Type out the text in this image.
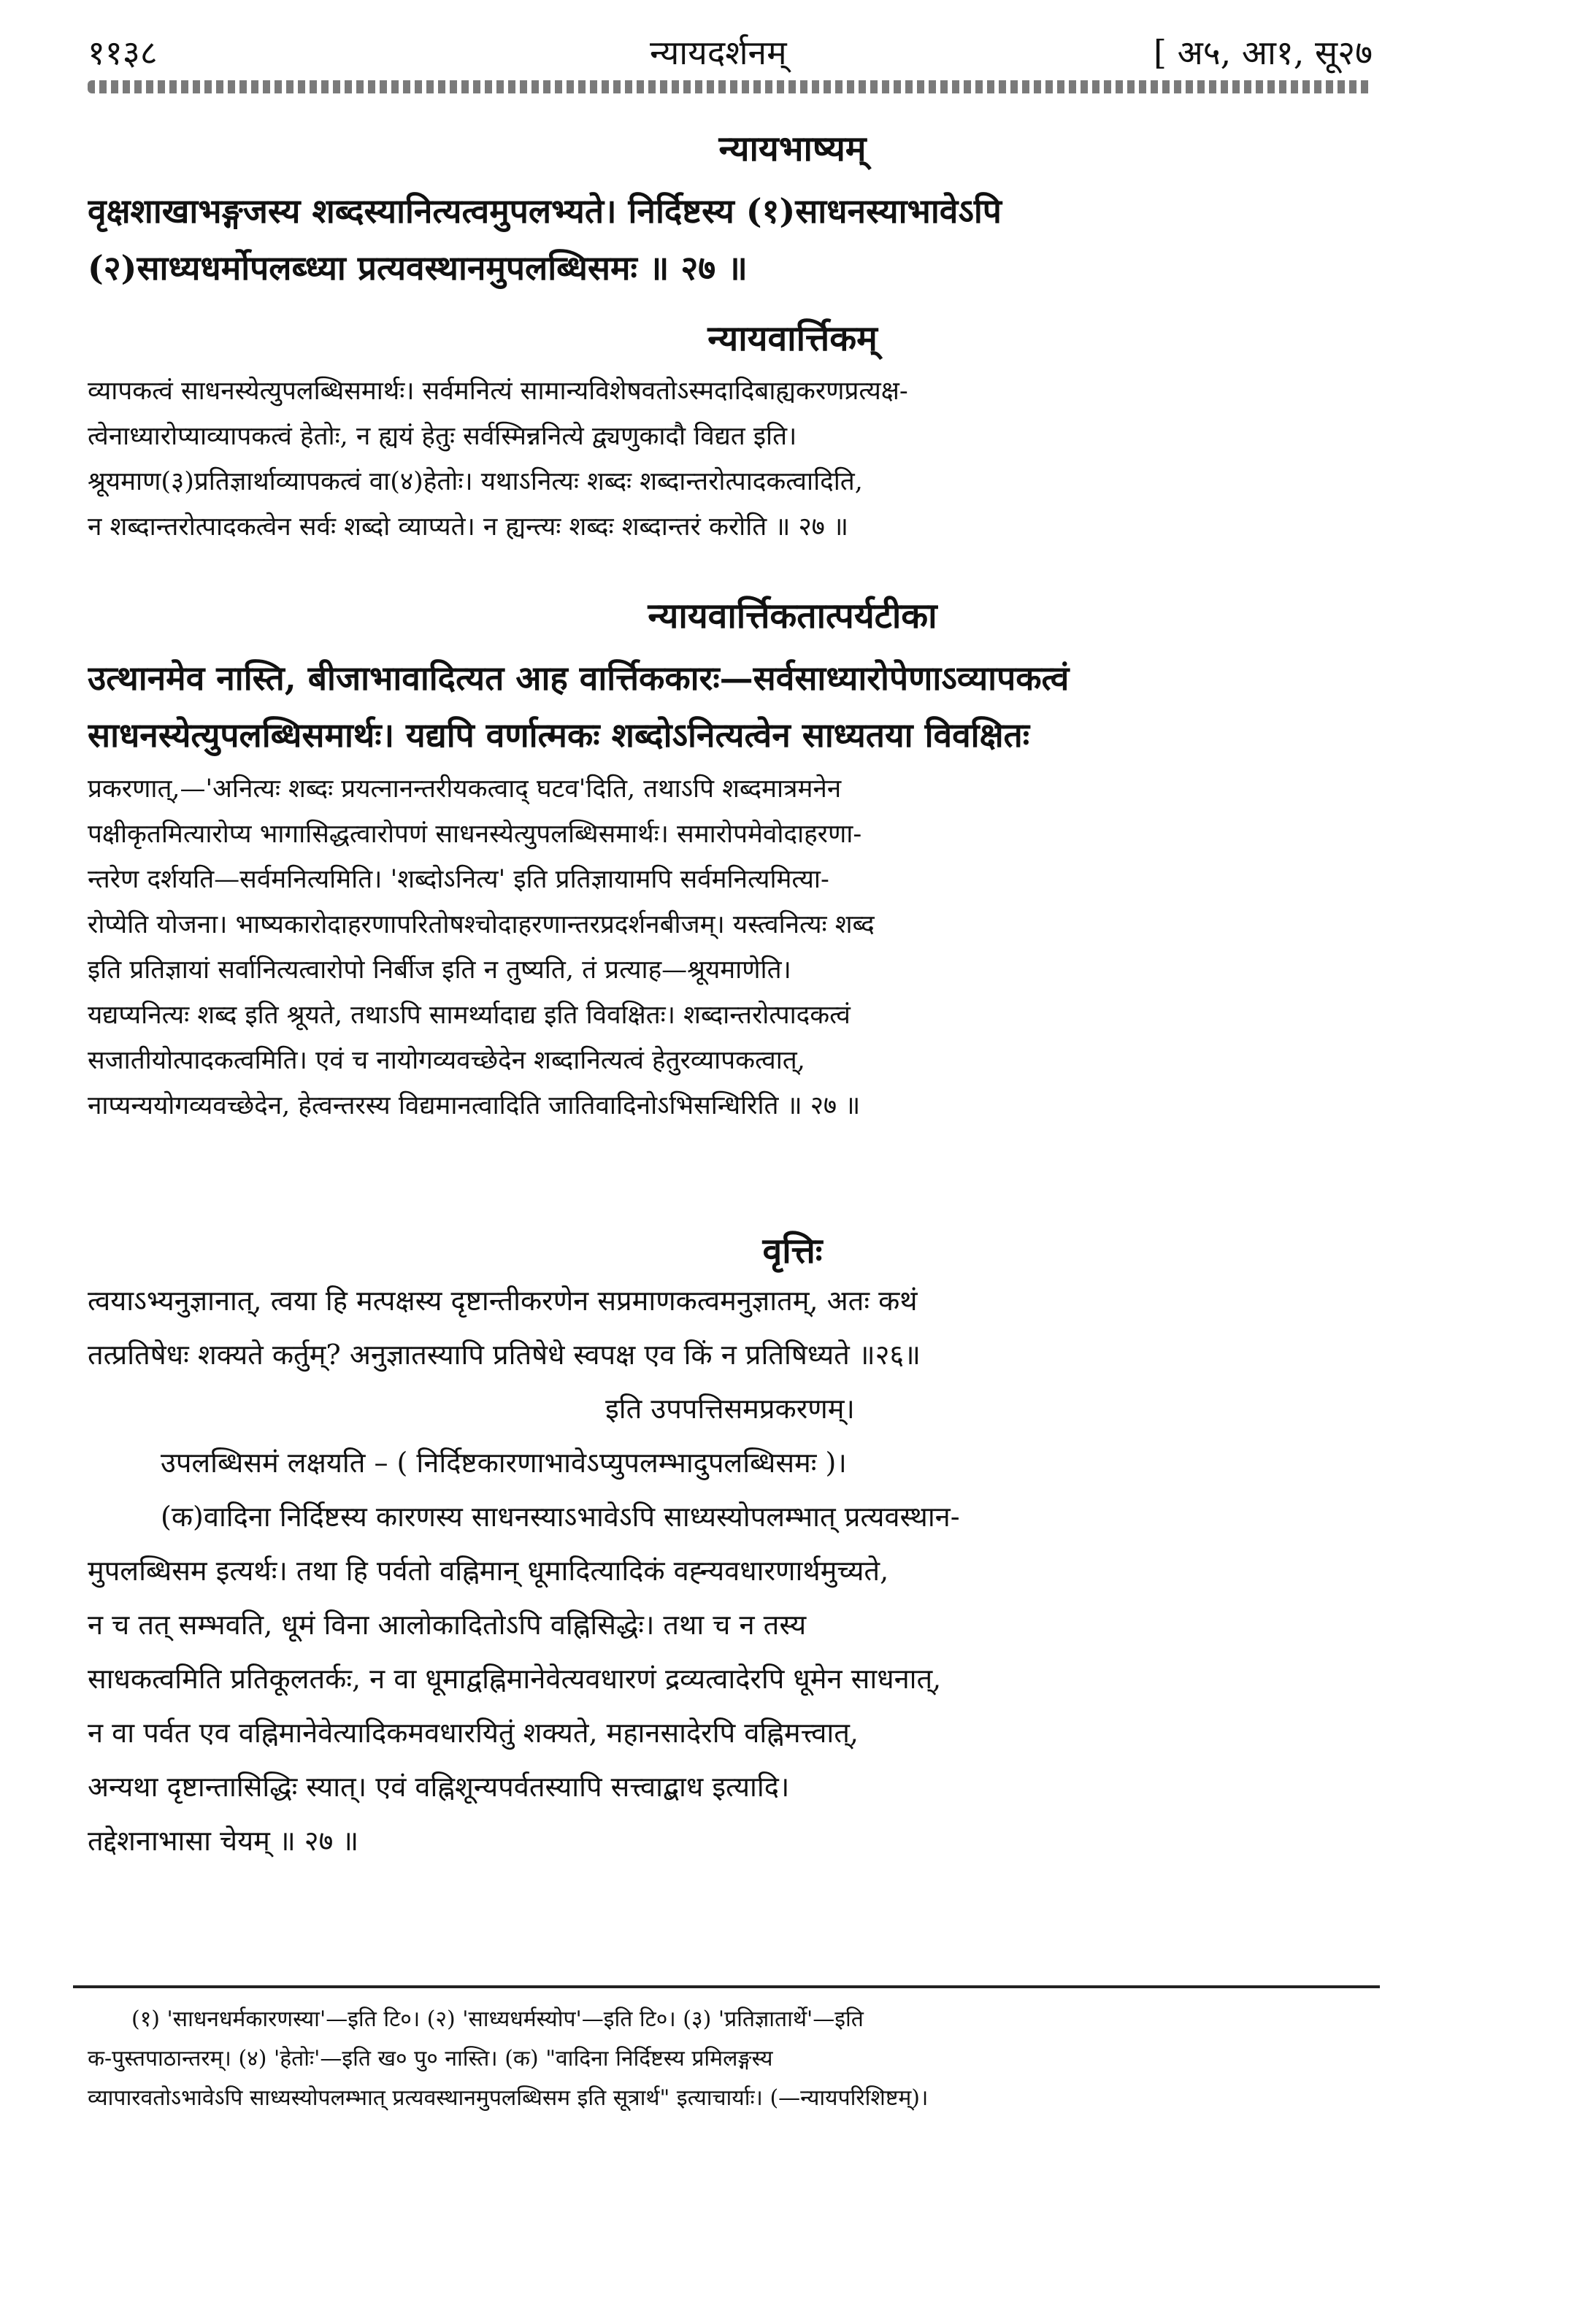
११३८	न्यायदर्शनम्	[ अ५, आ१, सू२७
न्यायभाष्यम्
वृक्षशाखाभङ्गजस्य शब्दस्यानित्यत्वमुपलभ्यते। निर्दिष्टस्य (१)साधनस्याभावेऽपि
(२)साध्यधर्मोपलब्ध्या प्रत्यवस्थानमुपलब्धिसमः ॥ २७ ॥
न्यायवार्त्तिकम्
व्यापकत्वं साधनस्येत्युपलब्धिसमार्थः। सर्वमनित्यं सामान्यविशेषवतोऽस्मदादिबाह्यकरणप्रत्यक्ष-
त्वेनाध्यारोप्याव्यापकत्वं हेतोः, न ह्ययं हेतुः सर्वस्मिन्ननित्ये द्व्यणुकादौ विद्यत इति।
श्रूयमाण(३)प्रतिज्ञार्थाव्यापकत्वं वा(४)हेतोः। यथाऽनित्यः शब्दः शब्दान्तरोत्पादकत्वादिति,
न शब्दान्तरोत्पादकत्वेन सर्वः शब्दो व्याप्यते। न ह्यन्त्यः शब्दः शब्दान्तरं करोति ॥ २७ ॥
न्यायवार्त्तिकतात्पर्यटीका
उत्थानमेव नास्ति, बीजाभावादित्यत आह वार्त्तिककारः—सर्वसाध्यारोपेणाऽव्यापकत्वं
साधनस्येत्युपलब्धिसमार्थः। यद्यपि वर्णात्मकः शब्दोऽनित्यत्वेन साध्यतया विवक्षितः
प्रकरणात्,—'अनित्यः शब्दः प्रयत्नानन्तरीयकत्वाद् घटव'दिति, तथाऽपि शब्दमात्रमनेन
पक्षीकृतमित्यारोप्य भागासिद्धत्वारोपणं साधनस्येत्युपलब्धिसमार्थः। समारोपमेवोदाहरणा-
न्तरेण दर्शयति—सर्वमनित्यमिति। 'शब्दोऽनित्य' इति प्रतिज्ञायामपि सर्वमनित्यमित्या-
रोप्येति योजना। भाष्यकारोदाहरणापरितोषश्चोदाहरणान्तरप्रदर्शनबीजम्। यस्त्वनित्यः शब्द
इति प्रतिज्ञायां सर्वानित्यत्वारोपो निर्बीज इति न तुष्यति, तं प्रत्याह—श्रूयमाणेति।
यद्यप्यनित्यः शब्द इति श्रूयते, तथाऽपि सामर्थ्यादाद्य इति विवक्षितः। शब्दान्तरोत्पादकत्वं
सजातीयोत्पादकत्वमिति। एवं च नायोगव्यवच्छेदेन शब्दानित्यत्वं हेतुरव्यापकत्वात्,
नाप्यन्ययोगव्यवच्छेदेन, हेत्वन्तरस्य विद्यमानत्वादिति जातिवादिनोऽभिसन्धिरिति ॥ २७ ॥
वृत्तिः
त्वयाऽभ्यनुज्ञानात्, त्वया हि मत्पक्षस्य दृष्टान्तीकरणेन सप्रमाणकत्वमनुज्ञातम्, अतः कथं
तत्प्रतिषेधः शक्यते कर्तुम्? अनुज्ञातस्यापि प्रतिषेधे स्वपक्ष एव किं न प्रतिषिध्यते ॥२६॥
इति उपपत्तिसमप्रकरणम्।
उपलब्धिसमं लक्षयति – ( निर्दिष्टकारणाभावेऽप्युपलम्भादुपलब्धिसमः )।
(क)वादिना निर्दिष्टस्य कारणस्य साधनस्याऽभावेऽपि साध्यस्योपलम्भात् प्रत्यवस्थान-
मुपलब्धिसम इत्यर्थः। तथा हि पर्वतो वह्निमान् धूमादित्यादिकं वह्न्यवधारणार्थमुच्यते,
न च तत् सम्भवति, धूमं विना आलोकादितोऽपि वह्निसिद्धेः। तथा च न तस्य
साधकत्वमिति प्रतिकूलतर्कः, न वा धूमाद्वह्निमानेवेत्यवधारणं द्रव्यत्वादेरपि धूमेन साधनात्,
न वा पर्वत एव वह्निमानेवेत्यादिकमवधारयितुं शक्यते, महानसादेरपि वह्निमत्त्वात्,
अन्यथा दृष्टान्तासिद्धिः स्यात्। एवं वह्निशून्यपर्वतस्यापि सत्त्वाद्बाध इत्यादि।
तद्देशनाभासा चेयम् ॥ २७ ॥
(१) 'साधनधर्मकारणस्या'—इति टि०। (२) 'साध्यधर्मस्योप'—इति टि०। (३) 'प्रतिज्ञातार्थे'—इति
क-पुस्तपाठान्तरम्। (४) 'हेतोः'—इति ख० पु० नास्ति। (क) "वादिना निर्दिष्टस्य प्रमिलङ्गस्य
व्यापारवतोऽभावेऽपि साध्यस्योपलम्भात् प्रत्यवस्थानमुपलब्धिसम इति सूत्रार्थ" इत्याचार्याः। (—न्यायपरिशिष्टम्)।
